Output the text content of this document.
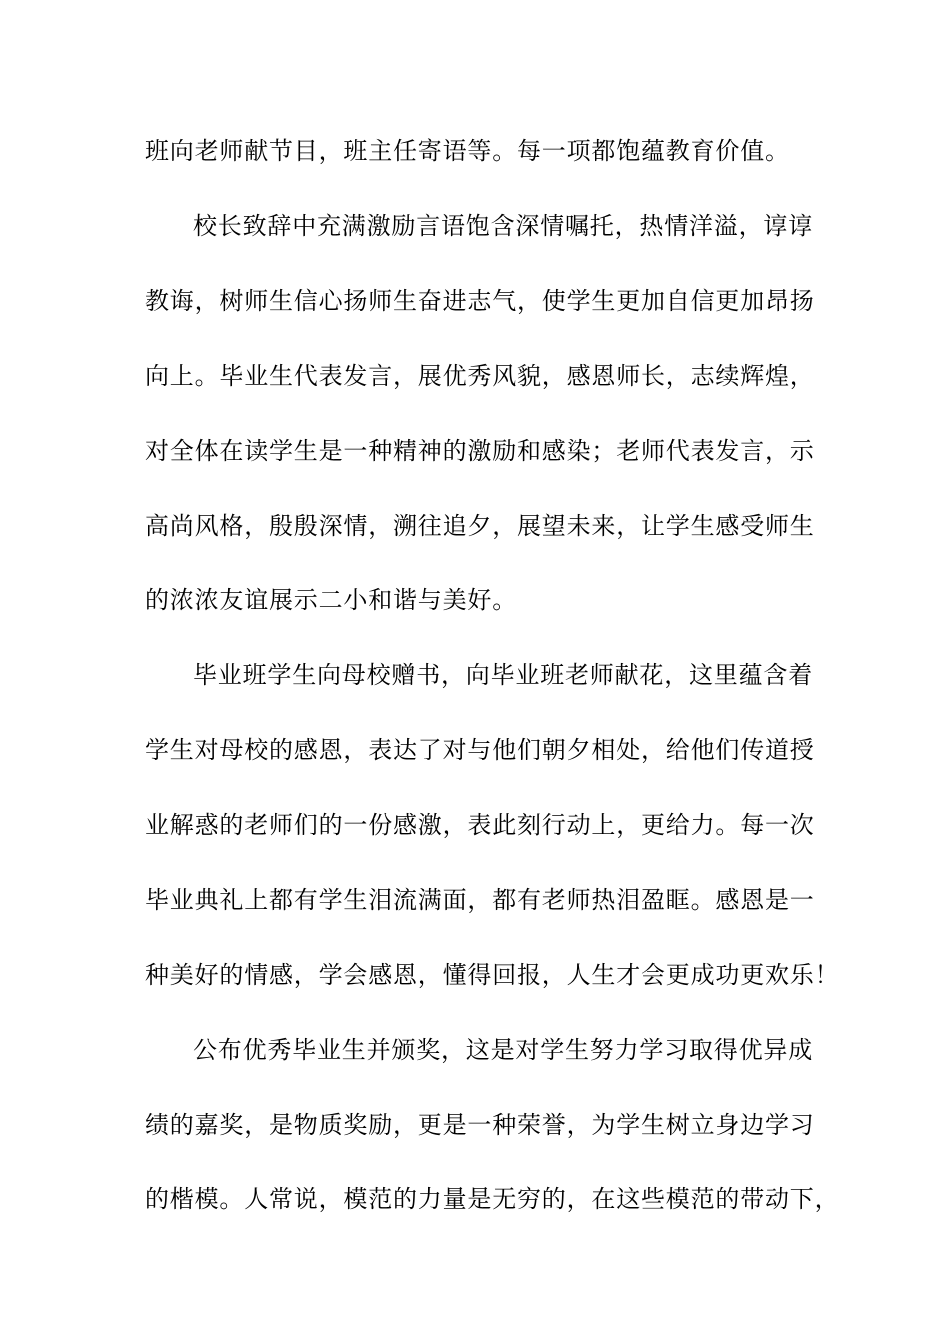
班向老师献节目，班主任寄语等。每一项都饱蕴教育价值。
校长致辞中充满激励言语饱含深情嘱托，热情洋溢，谆谆
教诲，树师生信心扬师生奋进志气，使学生更加自信更加昂扬
向上。毕业生代表发言，展优秀风貌，感恩师长，志续辉煌，
对全体在读学生是一种精神的激励和感染；老师代表发言，示
高尚风格，殷殷深情，溯往追夕，展望未来，让学生感受师生
的浓浓友谊展示二小和谐与美好。
毕业班学生向母校赠书，向毕业班老师献花，这里蕴含着
学生对母校的感恩，表达了对与他们朝夕相处，给他们传道授
业解惑的老师们的一份感激，表此刻行动上，更给力。每一次
毕业典礼上都有学生泪流满面，都有老师热泪盈眶。感恩是一
种美好的情感，学会感恩，懂得回报，人生才会更成功更欢乐！
公布优秀毕业生并颁奖，这是对学生努力学习取得优异成
绩的嘉奖，是物质奖励，更是一种荣誉，为学生树立身边学习
的楷模。人常说，模范的力量是无穷的，在这些模范的带动下，
